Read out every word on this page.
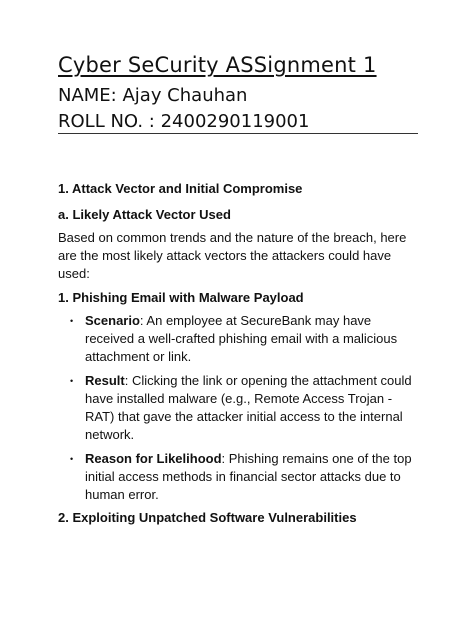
Cyber SeCurity ASSignment 1
NAME: Ajay Chauhan
ROLL NO. : 2400290119001
1. Attack Vector and Initial Compromise
a. Likely Attack Vector Used
Based on common trends and the nature of the breach, here are the most likely attack vectors the attackers could have used:
1. Phishing Email with Malware Payload
• Scenario: An employee at SecureBank may have received a well-crafted phishing email with a malicious attachment or link.
• Result: Clicking the link or opening the attachment could have installed malware (e.g., Remote Access Trojan - RAT) that gave the attacker initial access to the internal network.
• Reason for Likelihood: Phishing remains one of the top initial access methods in financial sector attacks due to human error.
2. Exploiting Unpatched Software Vulnerabilities
